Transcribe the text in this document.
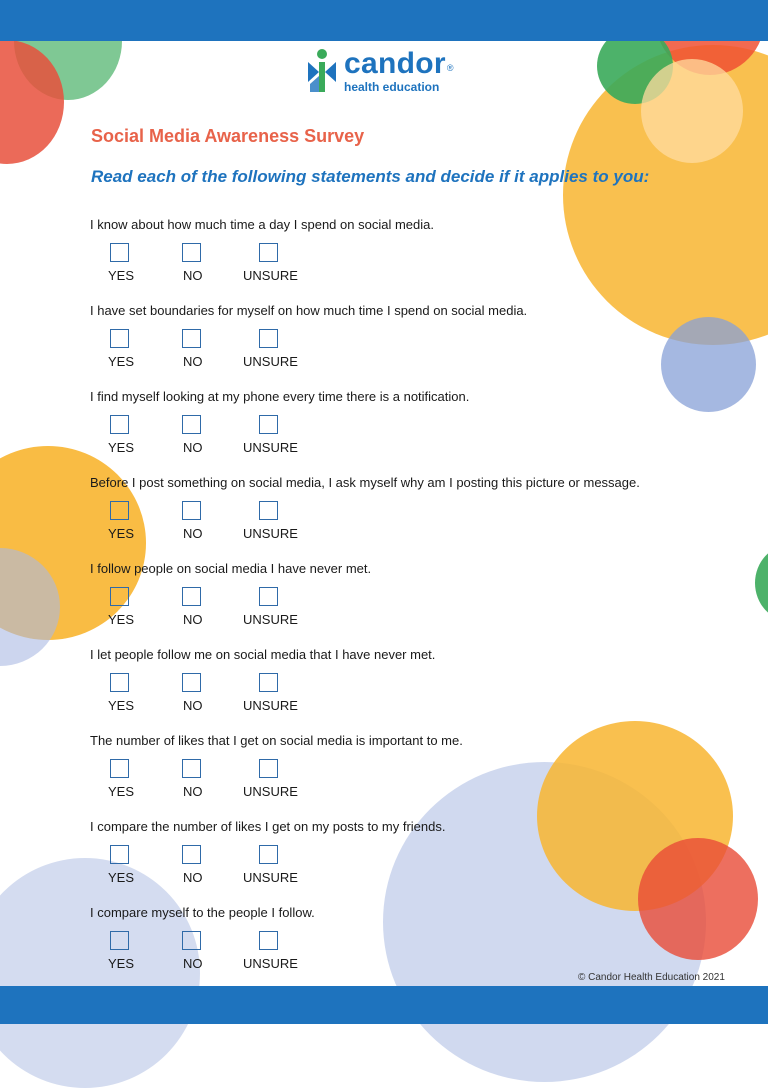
candor®
health education
Social Media Awareness Survey
Read each of the following statements and decide if it applies to you:
I know about how much time a day I spend on social media.
YES	NO	UNSURE
I have set boundaries for myself on how much time I spend on social media.
YES	NO	UNSURE
I find myself looking at my phone every time there is a notification.
YES	NO	UNSURE
Before I post something on social media, I ask myself why am I posting this picture or message.
YES	NO	UNSURE
I follow people on social media I have never met.
YES	NO	UNSURE
I let people follow me on social media that I have never met.
YES	NO	UNSURE
The number of likes that I get on social media is important to me.
YES	NO	UNSURE
I compare the number of likes I get on my posts to my friends.
YES	NO	UNSURE
I compare myself to the people I follow.
YES	NO	UNSURE
© Candor Health Education 2021
